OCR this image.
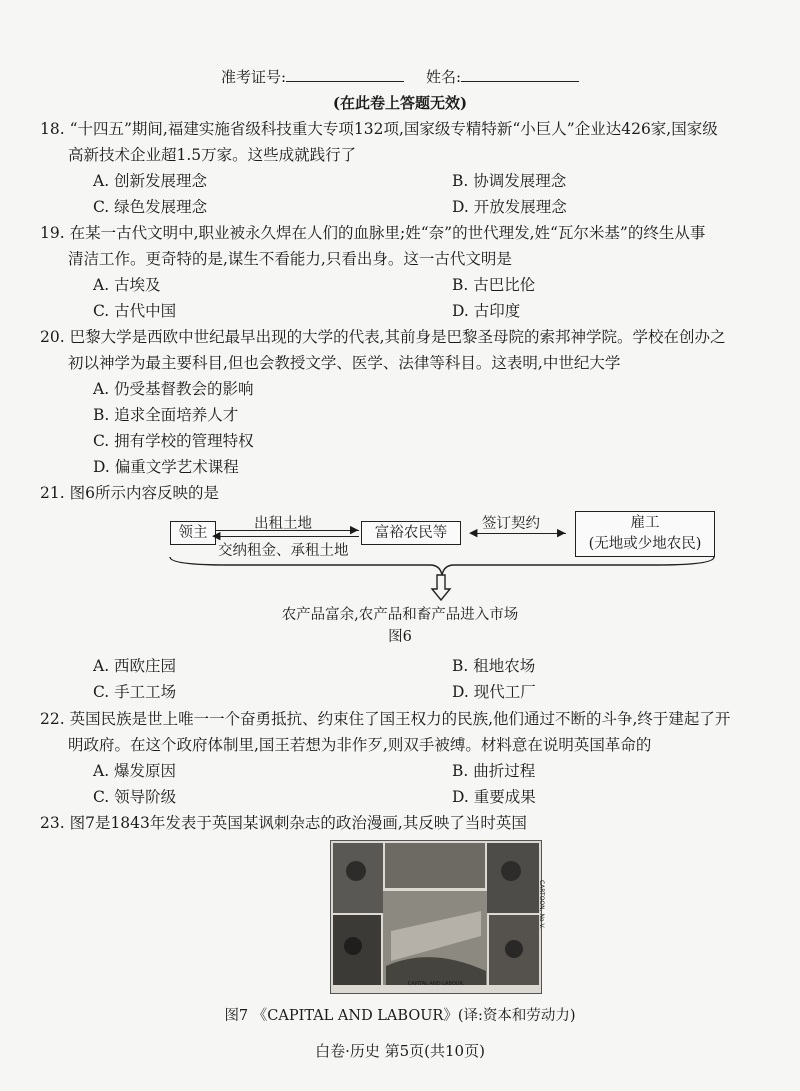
准考证号:	姓名:
(在此卷上答题无效)
18. “十四五”期间,福建实施省级科技重大专项132项,国家级专精特新“小巨人”企业达426家,国家级
高新技术企业超1.5万家。这些成就践行了
A. 创新发展理念	B. 协调发展理念
C. 绿色发展理念	D. 开放发展理念
19. 在某一古代文明中,职业被永久焊在人们的血脉里;姓“奈”的世代理发,姓“瓦尔米基”的终生从事
清洁工作。更奇特的是,谋生不看能力,只看出身。这一古代文明是
A. 古埃及	B. 古巴比伦
C. 古代中国	D. 古印度
20. 巴黎大学是西欧中世纪最早出现的大学的代表,其前身是巴黎圣母院的索邦神学院。学校在创办之
初以神学为最主要科目,但也会教授文学、医学、法律等科目。这表明,中世纪大学
A. 仍受基督教会的影响
B. 追求全面培养人才
C. 拥有学校的管理特权
D. 偏重文学艺术课程
21. 图6所示内容反映的是
领主
出租土地	▶
◀
交纳租金、承租土地
富裕农民等
签订契约
◀	▶
雇工
(无地或少地农民)
农产品富余,农产品和畜产品进入市场
图6
A. 西欧庄园	B. 租地农场
C. 手工工场	D. 现代工厂
22. 英国民族是世上唯一一个奋勇抵抗、约束住了国王权力的民族,他们通过不断的斗争,终于建起了开
明政府。在这个政府体制里,国王若想为非作歹,则双手被缚。材料意在说明英国革命的
A. 爆发原因	B. 曲折过程
C. 领导阶级	D. 重要成果
23. 图7是1843年发表于英国某讽刺杂志的政治漫画,其反映了当时英国
CAPITAL AND LABOUR.
CARTOON, No V.
图7 《CAPITAL AND LABOUR》(译:资本和劳动力)
白卷·历史 第5页(共10页)
